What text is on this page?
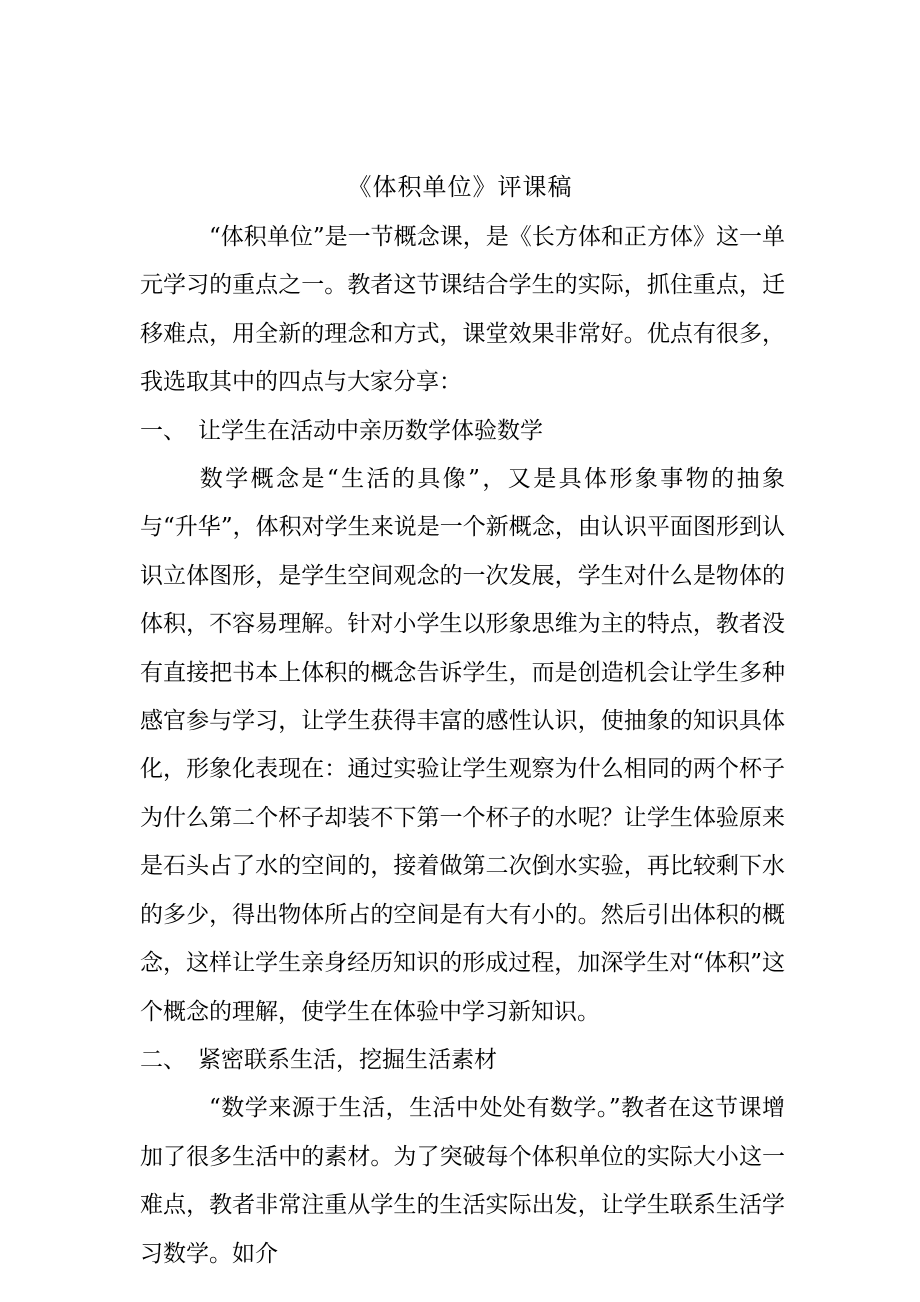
《体积单位》评课稿

“体积单位”是一节概念课，是《长方体和正方体》这一单元学习的重点之一。教者这节课结合学生的实际，抓住重点，迁移难点，用全新的理念和方式，课堂效果非常好。优点有很多，我选取其中的四点与大家分享：

一、 让学生在活动中亲历数学体验数学

数学概念是“生活的具像”，又是具体形象事物的抽象与“升华”，体积对学生来说是一个新概念，由认识平面图形到认识立体图形，是学生空间观念的一次发展，学生对什么是物体的体积，不容易理解。针对小学生以形象思维为主的特点，教者没有直接把书本上体积的概念告诉学生，而是创造机会让学生多种感官参与学习，让学生获得丰富的感性认识，使抽象的知识具体化，形象化表现在：通过实验让学生观察为什么相同的两个杯子为什么第二个杯子却装不下第一个杯子的水呢？让学生体验原来是石头占了水的空间的，接着做第二次倒水实验，再比较剩下水的多少，得出物体所占的空间是有大有小的。然后引出体积的概念，这样让学生亲身经历知识的形成过程，加深学生对“体积”这个概念的理解，使学生在体验中学习新知识。

二、 紧密联系生活，挖掘生活素材

“数学来源于生活，生活中处处有数学。”教者在这节课增加了很多生活中的素材。为了突破每个体积单位的实际大小这一难点，教者非常注重从学生的生活实际出发，让学生联系生活学习数学。如介
